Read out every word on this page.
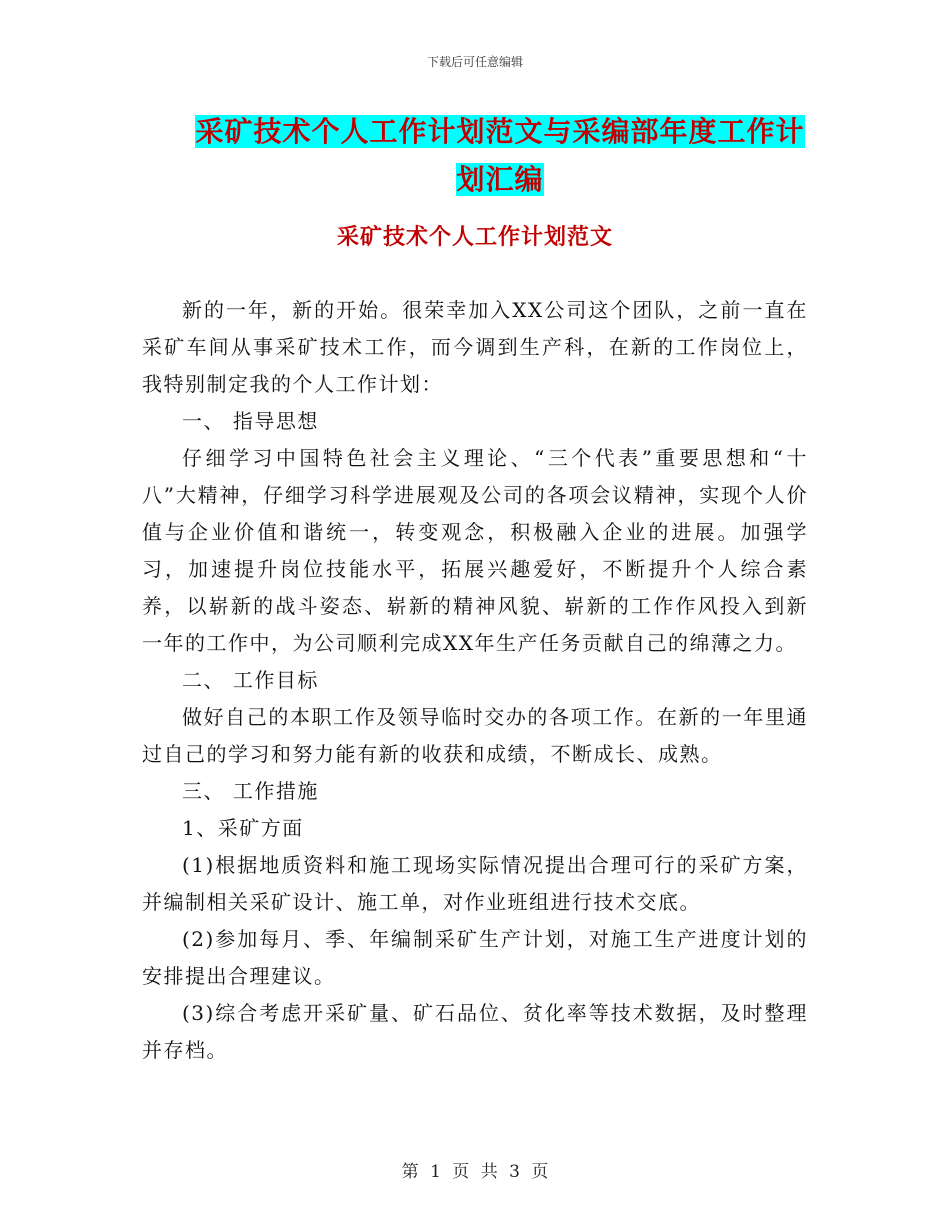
下载后可任意编辑
采矿技术个人工作计划范文与采编部年度工作计划汇编
采矿技术个人工作计划范文

新的一年，新的开始。很荣幸加入XX公司这个团队，之前一直在采矿车间从事采矿技术工作，而今调到生产科，在新的工作岗位上，我特别制定我的个人工作计划：

一、 指导思想

仔细学习中国特色社会主义理论、“三个代表”重要思想和“十八”大精神，仔细学习科学进展观及公司的各项会议精神，实现个人价值与企业价值和谐统一，转变观念，积极融入企业的进展。加强学习，加速提升岗位技能水平，拓展兴趣爱好，不断提升个人综合素养，以崭新的战斗姿态、崭新的精神风貌、崭新的工作作风投入到新一年的工作中，为公司顺利完成XX年生产任务贡献自己的绵薄之力。

二、 工作目标

做好自己的本职工作及领导临时交办的各项工作。在新的一年里通过自己的学习和努力能有新的收获和成绩，不断成长、成熟。

三、 工作措施

1、采矿方面

(1)根据地质资料和施工现场实际情况提出合理可行的采矿方案，并编制相关采矿设计、施工单，对作业班组进行技术交底。

(2)参加每月、季、年编制采矿生产计划，对施工生产进度计划的安排提出合理建议。

(3)综合考虑开采矿量、矿石品位、贫化率等技术数据，及时整理并存档。

第 1 页 共 3 页
